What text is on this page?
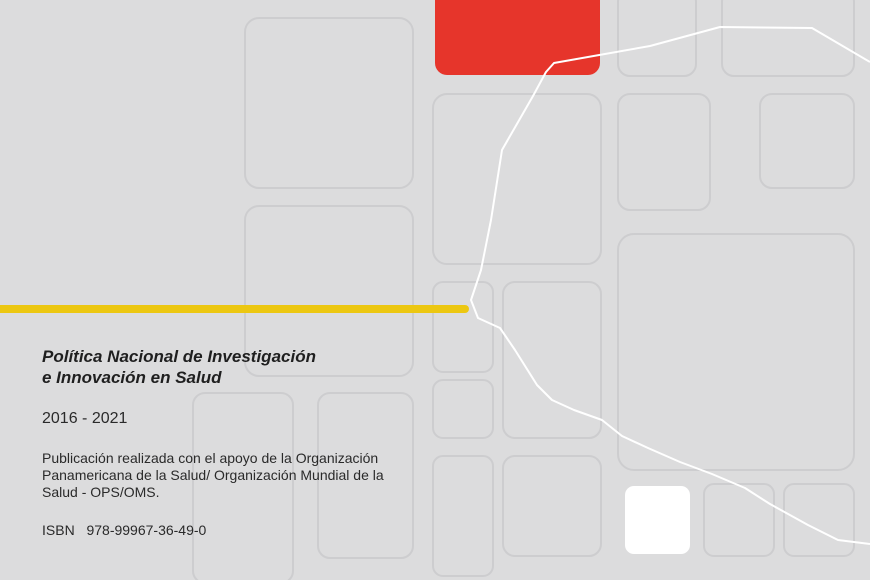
Política Nacional de Investigación
e Innovación en Salud

2016 - 2021
Publicación realizada con el apoyo de la Organización
Panamericana de la Salud/ Organización Mundial de la
Salud - OPS/OMS.
ISBN  978-99967-36-49-0
